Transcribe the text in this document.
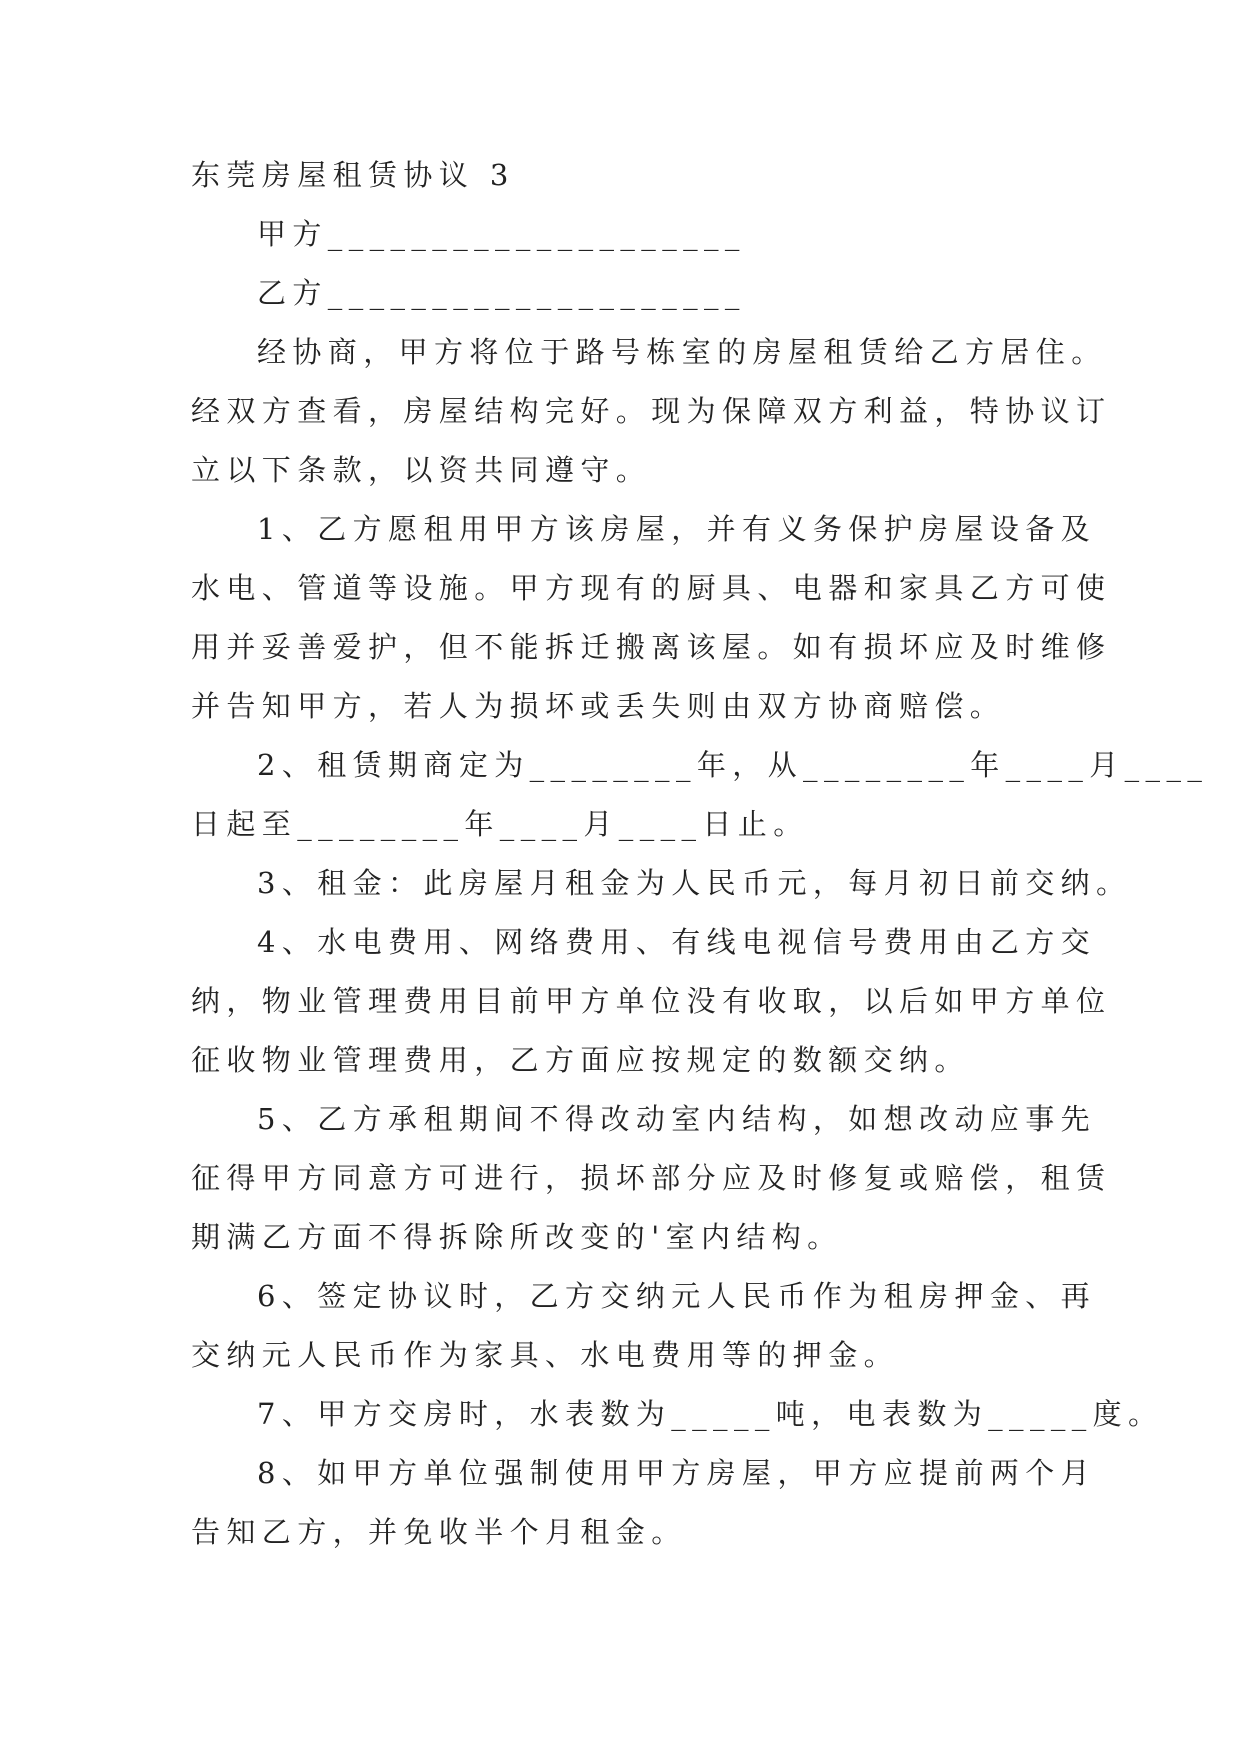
东莞房屋租赁协议 3

甲方____________________

乙方____________________

经协商，甲方将位于路号栋室的房屋租赁给乙方居住。

经双方查看，房屋结构完好。现为保障双方利益，特协议订

立以下条款，以资共同遵守。

1、乙方愿租用甲方该房屋，并有义务保护房屋设备及

水电、管道等设施。甲方现有的厨具、电器和家具乙方可使

用并妥善爱护，但不能拆迁搬离该屋。如有损坏应及时维修

并告知甲方，若人为损坏或丢失则由双方协商赔偿。

2、租赁期商定为________年，从________年____月____

日起至________年____月____日止。

3、租金：此房屋月租金为人民币元，每月初日前交纳。

4、水电费用、网络费用、有线电视信号费用由乙方交

纳，物业管理费用目前甲方单位没有收取，以后如甲方单位

征收物业管理费用，乙方面应按规定的数额交纳。

5、乙方承租期间不得改动室内结构，如想改动应事先

征得甲方同意方可进行，损坏部分应及时修复或赔偿，租赁

期满乙方面不得拆除所改变的'室内结构。

6、签定协议时，乙方交纳元人民币作为租房押金、再

交纳元人民币作为家具、水电费用等的押金。

7、甲方交房时，水表数为_____吨，电表数为_____度。

8、如甲方单位强制使用甲方房屋，甲方应提前两个月

告知乙方，并免收半个月租金。
